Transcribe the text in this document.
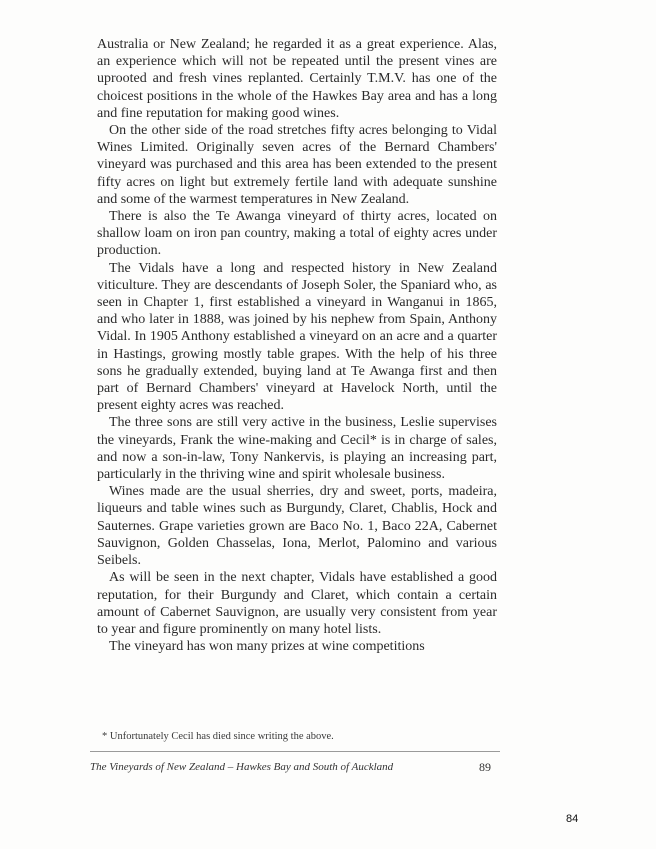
Australia or New Zealand; he regarded it as a great experience. Alas, an experience which will not be repeated until the present vines are uprooted and fresh vines replanted. Certainly T.M.V. has one of the choicest positions in the whole of the Hawkes Bay area and has a long and fine reputation for making good wines.

On the other side of the road stretches fifty acres belonging to Vidal Wines Limited. Originally seven acres of the Bernard Chambers' vineyard was purchased and this area has been extended to the present fifty acres on light but extremely fertile land with adequate sunshine and some of the warmest temperatures in New Zealand.

There is also the Te Awanga vineyard of thirty acres, located on shallow loam on iron pan country, making a total of eighty acres under production.

The Vidals have a long and respected history in New Zealand viticulture. They are descendants of Joseph Soler, the Spaniard who, as seen in Chapter 1, first established a vineyard in Wanganui in 1865, and who later in 1888, was joined by his nephew from Spain, Anthony Vidal. In 1905 Anthony established a vineyard on an acre and a quarter in Hastings, growing mostly table grapes. With the help of his three sons he gradually extended, buying land at Te Awanga first and then part of Bernard Chambers' vineyard at Havelock North, until the present eighty acres was reached.

The three sons are still very active in the business, Leslie supervises the vineyards, Frank the wine-making and Cecil* is in charge of sales, and now a son-in-law, Tony Nankervis, is playing an increasing part, particularly in the thriving wine and spirit wholesale business.

Wines made are the usual sherries, dry and sweet, ports, madeira, liqueurs and table wines such as Burgundy, Claret, Chablis, Hock and Sauternes. Grape varieties grown are Baco No. 1, Baco 22A, Cabernet Sauvignon, Golden Chasselas, Iona, Merlot, Palomino and various Seibels.

As will be seen in the next chapter, Vidals have established a good reputation, for their Burgundy and Claret, which contain a certain amount of Cabernet Sauvignon, are usually very consistent from year to year and figure prominently on many hotel lists.

The vineyard has won many prizes at wine competitions

* Unfortunately Cecil has died since writing the above.
The Vineyards of New Zealand – Hawkes Bay and South of Auckland	89
84
